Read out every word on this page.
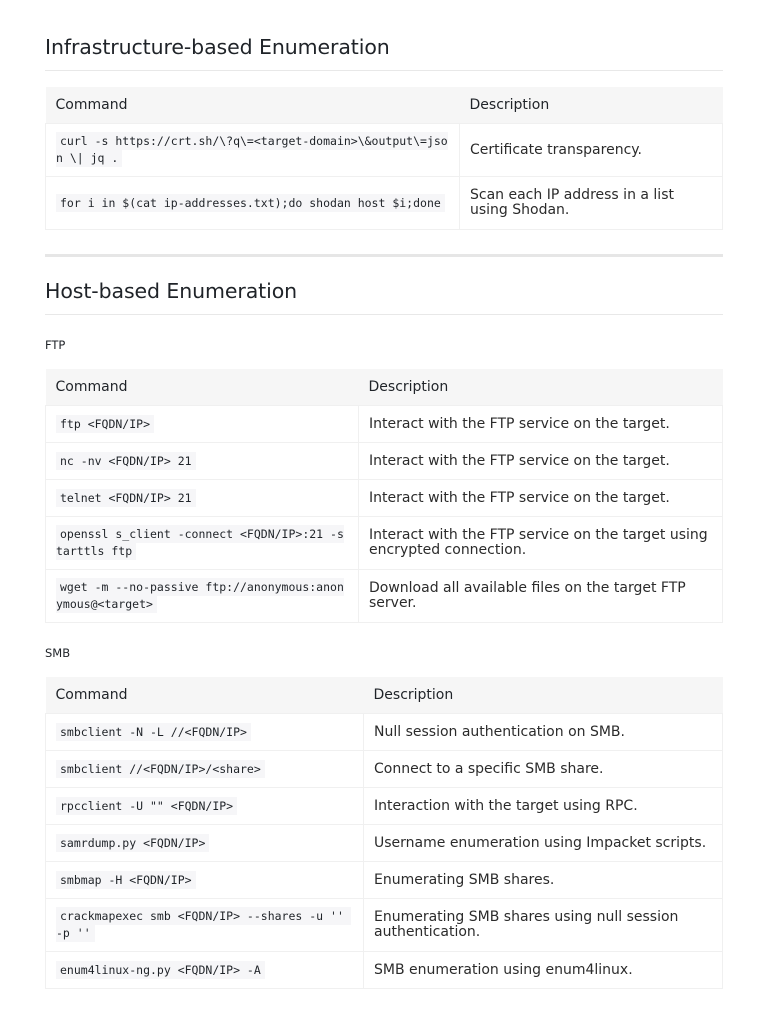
Infrastructure-based Enumeration
Command	Description
curl -s https://crt.sh/\?q\=<target-domain>\&output\=json \| jq .	Certificate transparency.
for i in $(cat ip-addresses.txt);do shodan host $i;done	Scan each IP address in a list using Shodan.
Host-based Enumeration
FTP
Command	Description
ftp <FQDN/IP>	Interact with the FTP service on the target.
nc -nv <FQDN/IP> 21	Interact with the FTP service on the target.
telnet <FQDN/IP> 21	Interact with the FTP service on the target.
openssl s_client -connect <FQDN/IP>:21 -starttls ftp	Interact with the FTP service on the target using encrypted connection.
wget -m --no-passive ftp://anonymous:anonymous@<target>	Download all available files on the target FTP server.
SMB
Command	Description
smbclient -N -L //<FQDN/IP>	Null session authentication on SMB.
smbclient //<FQDN/IP>/<share>	Connect to a specific SMB share.
rpcclient -U "" <FQDN/IP>	Interaction with the target using RPC.
samrdump.py <FQDN/IP>	Username enumeration using Impacket scripts.
smbmap -H <FQDN/IP>	Enumerating SMB shares.
crackmapexec smb <FQDN/IP> --shares -u '' -p ''	Enumerating SMB shares using null session authentication.
enum4linux-ng.py <FQDN/IP> -A	SMB enumeration using enum4linux.
